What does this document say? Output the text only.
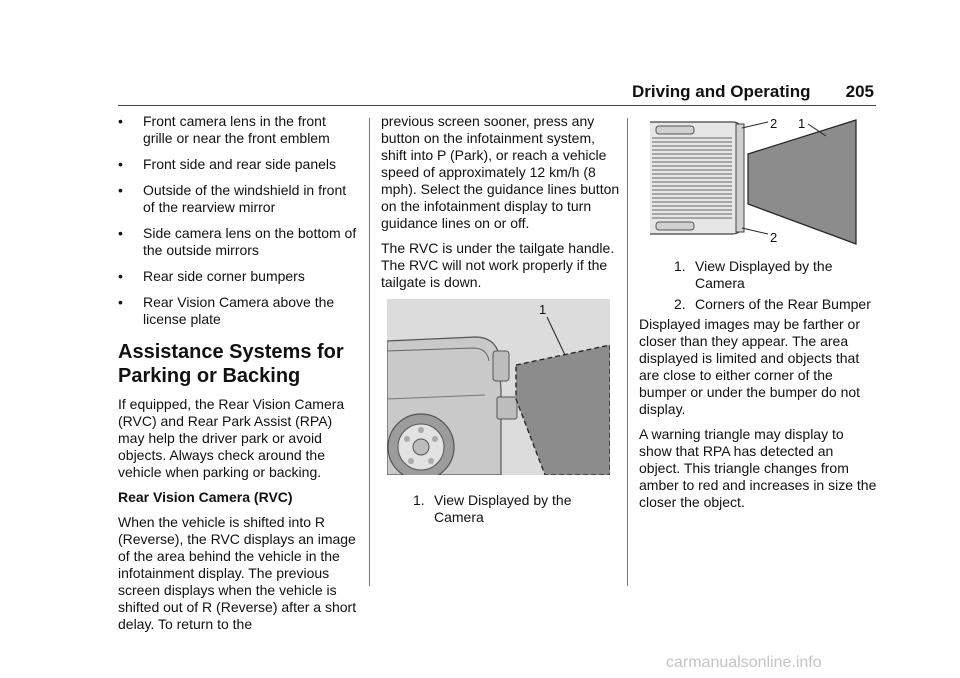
Driving and Operating 205
• Front camera lens in the front grille or near the front emblem
• Front side and rear side panels
• Outside of the windshield in front of the rearview mirror
• Side camera lens on the bottom of the outside mirrors
• Rear side corner bumpers
• Rear Vision Camera above the license plate
Assistance Systems for Parking or Backing

If equipped, the Rear Vision Camera (RVC) and Rear Park Assist (RPA) may help the driver park or avoid objects. Always check around the vehicle when parking or backing.

Rear Vision Camera (RVC)

When the vehicle is shifted into R (Reverse), the RVC displays an image of the area behind the vehicle in the infotainment display. The previous screen displays when the vehicle is shifted out of R (Reverse) after a short delay. To return to the

previous screen sooner, press any button on the infotainment system, shift into P (Park), or reach a vehicle speed of approximately 12 km/h (8 mph). Select the guidance lines button on the infotainment display to turn guidance lines on or off.

The RVC is under the tailgate handle. The RVC will not work properly if the tailgate is down.

1
1. View Displayed by the Camera
2 1
2
1. View Displayed by the Camera
2. Corners of the Rear Bumper

Displayed images may be farther or closer than they appear. The area displayed is limited and objects that are close to either corner of the bumper or under the bumper do not display.

A warning triangle may display to show that RPA has detected an object. This triangle changes from amber to red and increases in size the closer the object.

carmanualsonline.info
